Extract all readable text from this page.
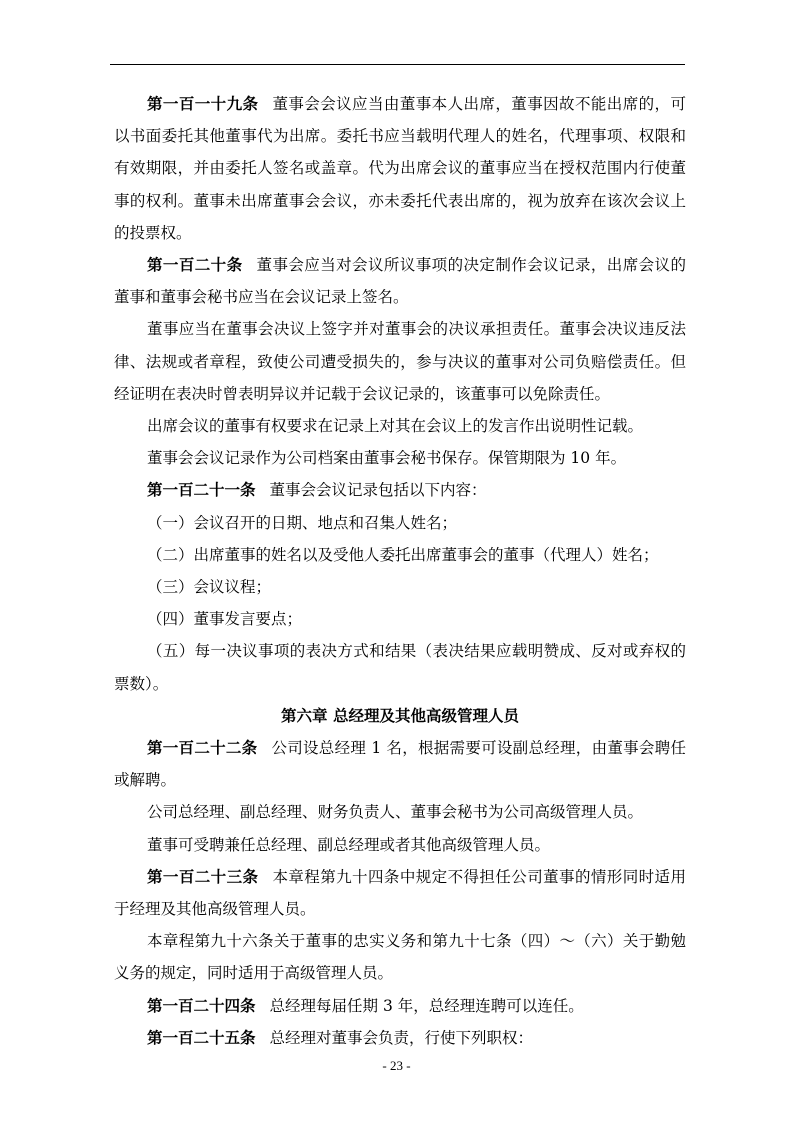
第一百一十九条 董事会会议应当由董事本人出席，董事因故不能出席的，可以书面委托其他董事代为出席。委托书应当载明代理人的姓名，代理事项、权限和有效期限，并由委托人签名或盖章。代为出席会议的董事应当在授权范围内行使董事的权利。董事未出席董事会会议，亦未委托代表出席的，视为放弃在该次会议上的投票权。

第一百二十条 董事会应当对会议所议事项的决定制作会议记录，出席会议的董事和董事会秘书应当在会议记录上签名。

董事应当在董事会决议上签字并对董事会的决议承担责任。董事会决议违反法律、法规或者章程，致使公司遭受损失的，参与决议的董事对公司负赔偿责任。但经证明在表决时曾表明异议并记载于会议记录的，该董事可以免除责任。

出席会议的董事有权要求在记录上对其在会议上的发言作出说明性记载。

董事会会议记录作为公司档案由董事会秘书保存。保管期限为 10 年。

第一百二十一条 董事会会议记录包括以下内容：

（一）会议召开的日期、地点和召集人姓名；

（二）出席董事的姓名以及受他人委托出席董事会的董事（代理人）姓名；

（三）会议议程；

（四）董事发言要点；

（五）每一决议事项的表决方式和结果（表决结果应载明赞成、反对或弃权的票数）。

第六章 总经理及其他高级管理人员

第一百二十二条 公司设总经理 1 名，根据需要可设副总经理，由董事会聘任或解聘。

公司总经理、副总经理、财务负责人、董事会秘书为公司高级管理人员。

董事可受聘兼任总经理、副总经理或者其他高级管理人员。

第一百二十三条 本章程第九十四条中规定不得担任公司董事的情形同时适用于经理及其他高级管理人员。

本章程第九十六条关于董事的忠实义务和第九十七条（四）～（六）关于勤勉义务的规定，同时适用于高级管理人员。

第一百二十四条 总经理每届任期 3 年，总经理连聘可以连任。

第一百二十五条 总经理对董事会负责，行使下列职权：

- 23 -
